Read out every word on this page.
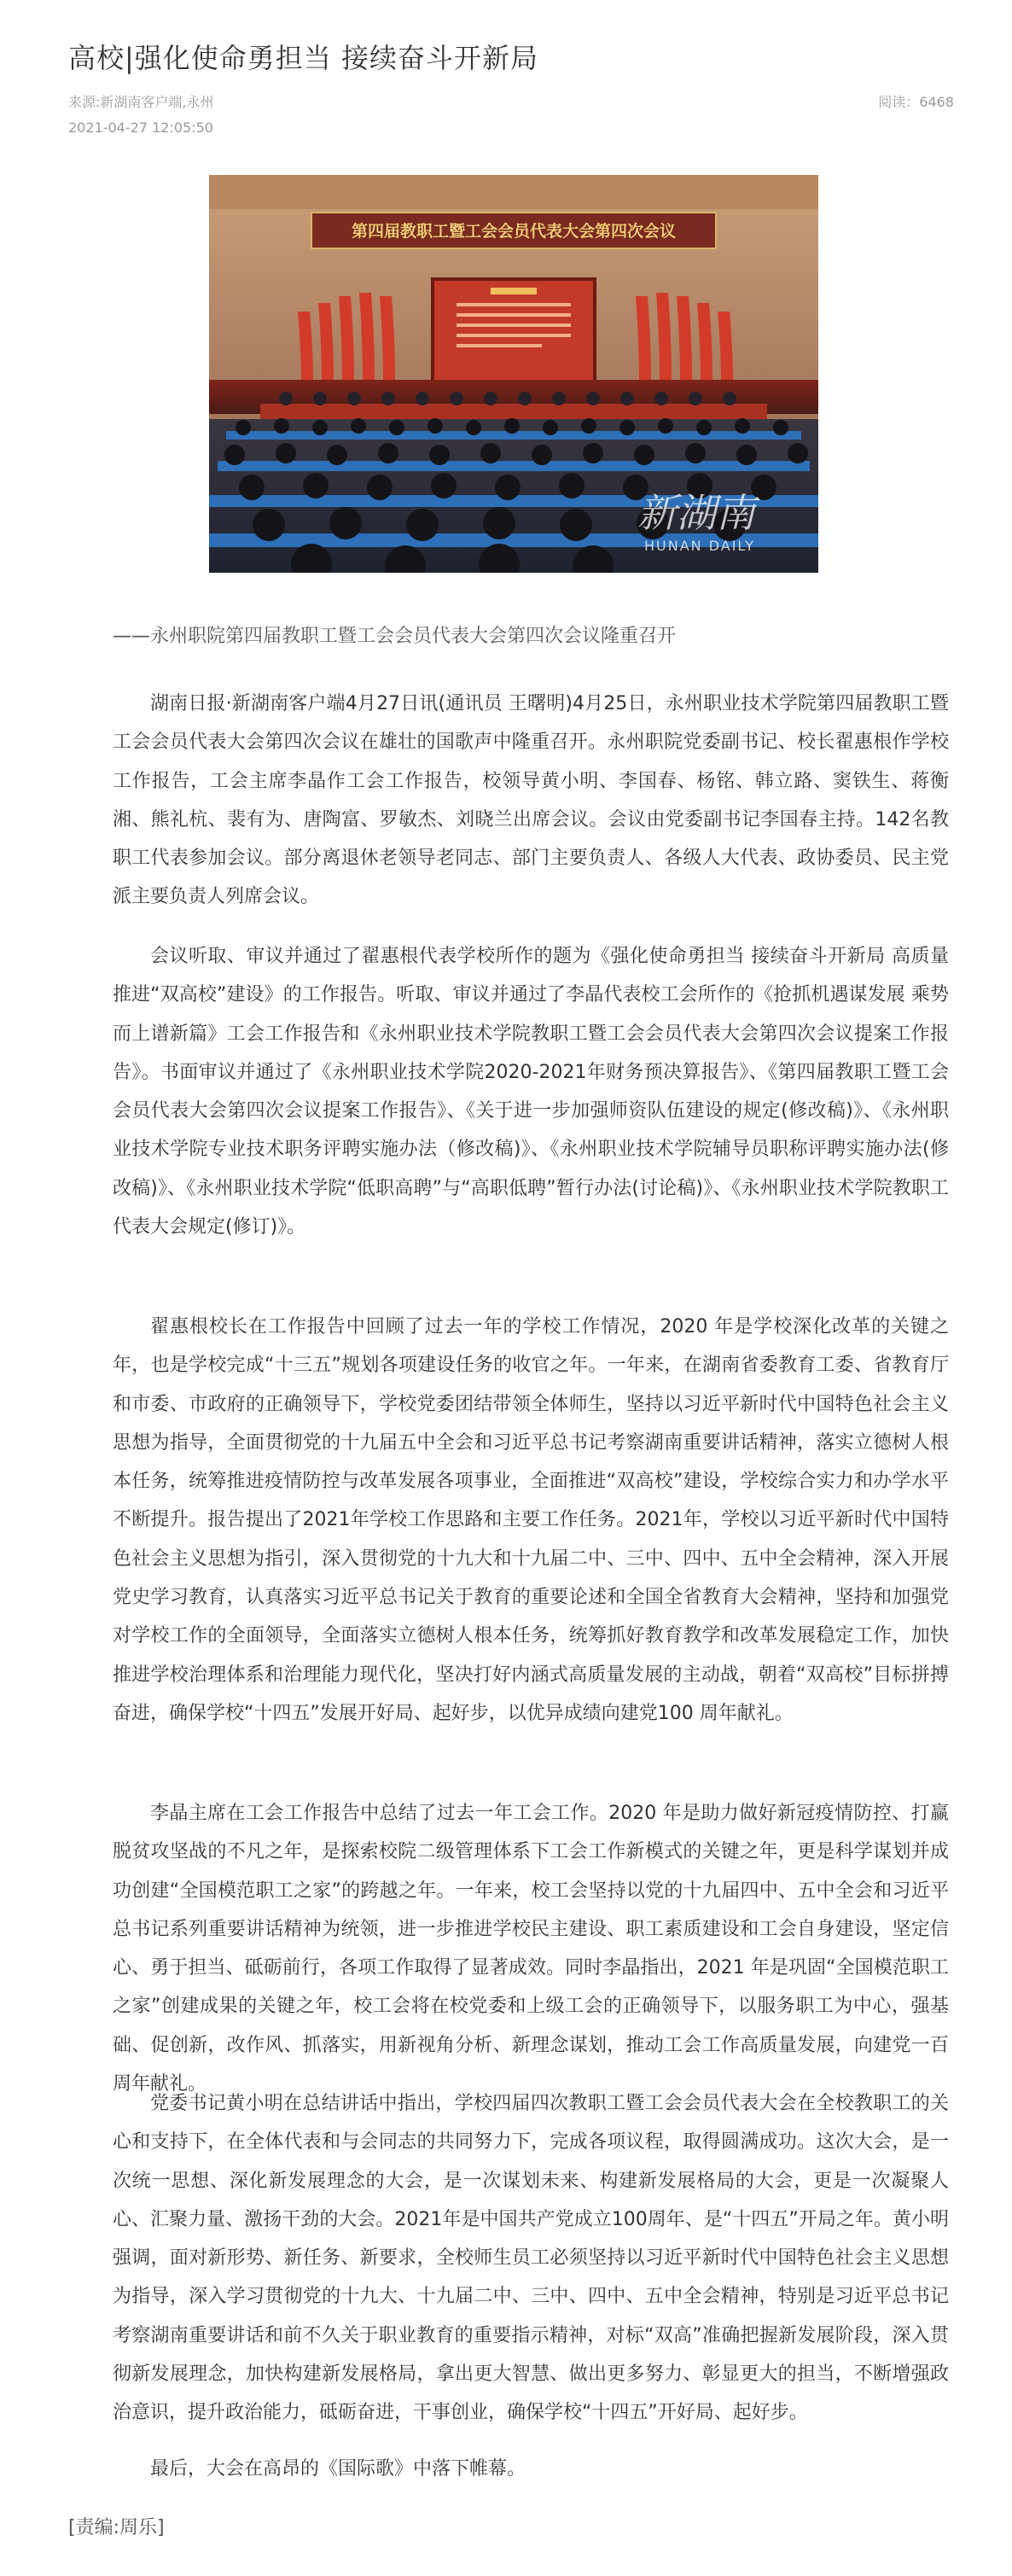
高校|强化使命勇担当 接续奋斗开新局
来源:新湖南客户端,永州
2021-04-27 12:05:50
阅读：6468
第四届教职工暨工会会员代表大会第四次会议
新湖南
HUNAN DAILY
——永州职院第四届教职工暨工会会员代表大会第四次会议隆重召开

湖南日报·新湖南客户端4月27日讯(通讯员 王曙明)4月25日，永州职业技术学院第四届教职工暨工会会员代表大会第四次会议在雄壮的国歌声中隆重召开。永州职院党委副书记、校长翟惠根作学校工作报告，工会主席李晶作工会工作报告，校领导黄小明、李国春、杨铭、韩立路、窦铁生、蒋衡湘、熊礼杭、裴有为、唐陶富、罗敏杰、刘晓兰出席会议。会议由党委副书记李国春主持。142名教职工代表参加会议。部分离退休老领导老同志、部门主要负责人、各级人大代表、政协委员、民主党派主要负责人列席会议。

会议听取、审议并通过了翟惠根代表学校所作的题为《强化使命勇担当 接续奋斗开新局 高质量推进“双高校”建设》的工作报告。听取、审议并通过了李晶代表校工会所作的《抢抓机遇谋发展 乘势而上谱新篇》工会工作报告和《永州职业技术学院教职工暨工会会员代表大会第四次会议提案工作报告》。书面审议并通过了《永州职业技术学院2020-2021年财务预决算报告》、《第四届教职工暨工会会员代表大会第四次会议提案工作报告》、《关于进一步加强师资队伍建设的规定(修改稿)》、《永州职业技术学院专业技术职务评聘实施办法（修改稿)》、《永州职业技术学院辅导员职称评聘实施办法(修改稿)》、《永州职业技术学院“低职高聘”与“高职低聘”暂行办法(讨论稿)》、《永州职业技术学院教职工代表大会规定(修订)》。

翟惠根校长在工作报告中回顾了过去一年的学校工作情况，2020 年是学校深化改革的关键之年，也是学校完成“十三五”规划各项建设任务的收官之年。一年来，在湖南省委教育工委、省教育厅和市委、市政府的正确领导下，学校党委团结带领全体师生，坚持以习近平新时代中国特色社会主义思想为指导，全面贯彻党的十九届五中全会和习近平总书记考察湖南重要讲话精神，落实立德树人根本任务，统筹推进疫情防控与改革发展各项事业，全面推进“双高校”建设，学校综合实力和办学水平不断提升。报告提出了2021年学校工作思路和主要工作任务。2021年，学校以习近平新时代中国特色社会主义思想为指引，深入贯彻党的十九大和十九届二中、三中、四中、五中全会精神，深入开展党史学习教育，认真落实习近平总书记关于教育的重要论述和全国全省教育大会精神，坚持和加强党对学校工作的全面领导，全面落实立德树人根本任务，统筹抓好教育教学和改革发展稳定工作，加快推进学校治理体系和治理能力现代化，坚决打好内涵式高质量发展的主动战，朝着“双高校”目标拼搏奋进，确保学校“十四五”发展开好局、起好步，以优异成绩向建党100 周年献礼。

李晶主席在工会工作报告中总结了过去一年工会工作。2020 年是助力做好新冠疫情防控、打赢脱贫攻坚战的不凡之年，是探索校院二级管理体系下工会工作新模式的关键之年，更是科学谋划并成功创建“全国模范职工之家”的跨越之年。一年来，校工会坚持以党的十九届四中、五中全会和习近平总书记系列重要讲话精神为统领，进一步推进学校民主建设、职工素质建设和工会自身建设，坚定信心、勇于担当、砥砺前行，各项工作取得了显著成效。同时李晶指出，2021 年是巩固“全国模范职工之家”创建成果的关键之年，校工会将在校党委和上级工会的正确领导下，以服务职工为中心，强基础、促创新，改作风、抓落实，用新视角分析、新理念谋划，推动工会工作高质量发展，向建党一百周年献礼。

党委书记黄小明在总结讲话中指出，学校四届四次教职工暨工会会员代表大会在全校教职工的关心和支持下，在全体代表和与会同志的共同努力下，完成各项议程，取得圆满成功。这次大会，是一次统一思想、深化新发展理念的大会，是一次谋划未来、构建新发展格局的大会，更是一次凝聚人心、汇聚力量、激扬干劲的大会。2021年是中国共产党成立100周年、是“十四五”开局之年。黄小明强调，面对新形势、新任务、新要求，全校师生员工必须坚持以习近平新时代中国特色社会主义思想为指导，深入学习贯彻党的十九大、十九届二中、三中、四中、五中全会精神，特别是习近平总书记考察湖南重要讲话和前不久关于职业教育的重要指示精神，对标“双高”准确把握新发展阶段，深入贯彻新发展理念，加快构建新发展格局，拿出更大智慧、做出更多努力、彰显更大的担当，不断增强政治意识，提升政治能力，砥砺奋进，干事创业，确保学校“十四五”开好局、起好步。

最后，大会在高昂的《国际歌》中落下帷幕。

[责编:周乐]
